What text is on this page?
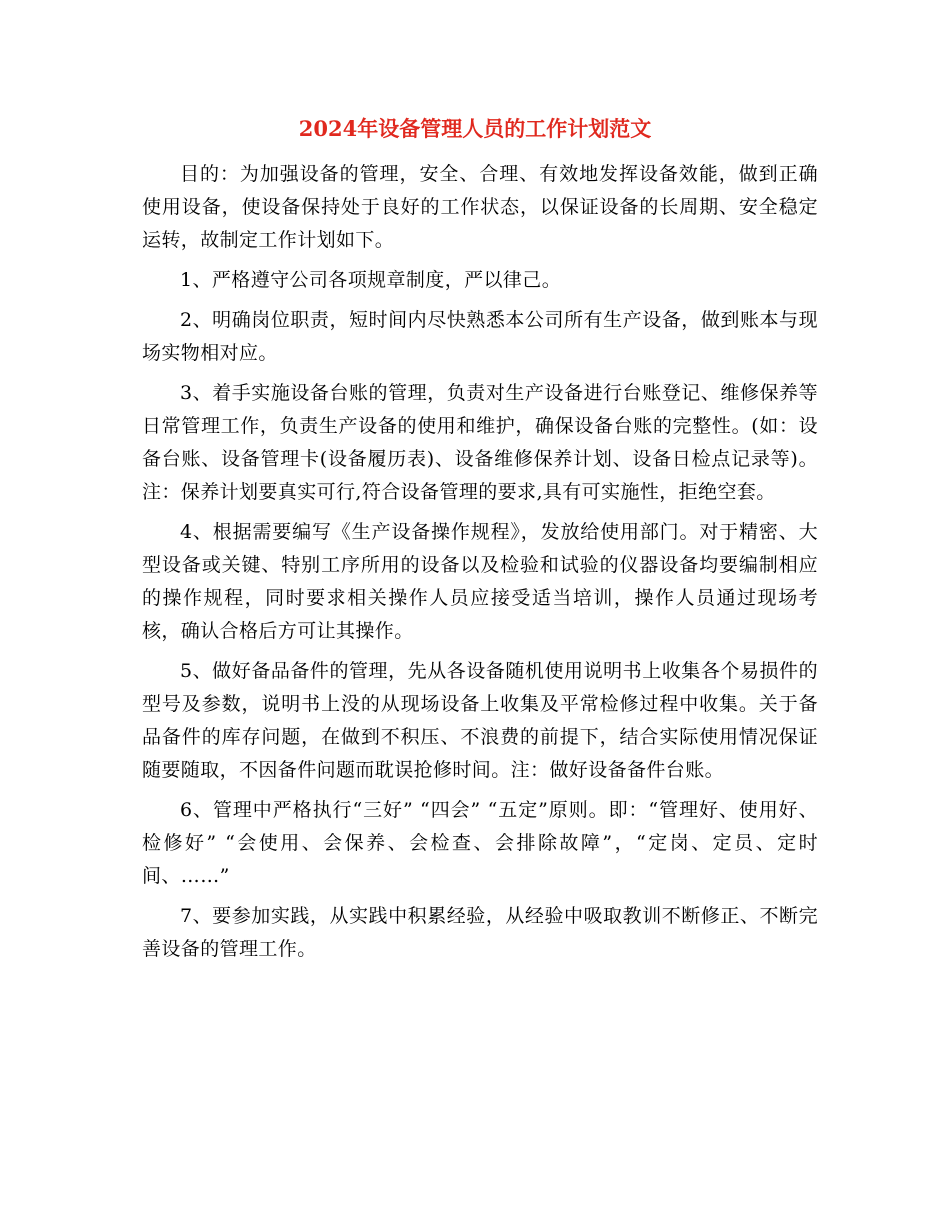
2024年设备管理人员的工作计划范文

目的：为加强设备的管理，安全、合理、有效地发挥设备效能，做到正确使用设备，使设备保持处于良好的工作状态，以保证设备的长周期、安全稳定运转，故制定工作计划如下。

1、严格遵守公司各项规章制度，严以律己。

2、明确岗位职责，短时间内尽快熟悉本公司所有生产设备，做到账本与现场实物相对应。

3、着手实施设备台账的管理，负责对生产设备进行台账登记、维修保养等日常管理工作，负责生产设备的使用和维护，确保设备台账的完整性。(如：设备台账、设备管理卡(设备履历表)、设备维修保养计划、设备日检点记录等)。注：保养计划要真实可行,符合设备管理的要求,具有可实施性，拒绝空套。

4、根据需要编写《生产设备操作规程》，发放给使用部门。对于精密、大型设备或关键、特别工序所用的设备以及检验和试验的仪器设备均要编制相应的操作规程，同时要求相关操作人员应接受适当培训，操作人员通过现场考核，确认合格后方可让其操作。

5、做好备品备件的管理，先从各设备随机使用说明书上收集各个易损件的型号及参数，说明书上没的从现场设备上收集及平常检修过程中收集。关于备品备件的库存问题，在做到不积压、不浪费的前提下，结合实际使用情况保证随要随取，不因备件问题而耽误抢修时间。注：做好设备备件台账。

6、管理中严格执行“三好” “四会” “五定”原则。即：“管理好、使用好、检修好” “会使用、会保养、会检查、会排除故障”，“定岗、定员、定时间、……”

7、要参加实践，从实践中积累经验，从经验中吸取教训不断修正、不断完善设备的管理工作。
